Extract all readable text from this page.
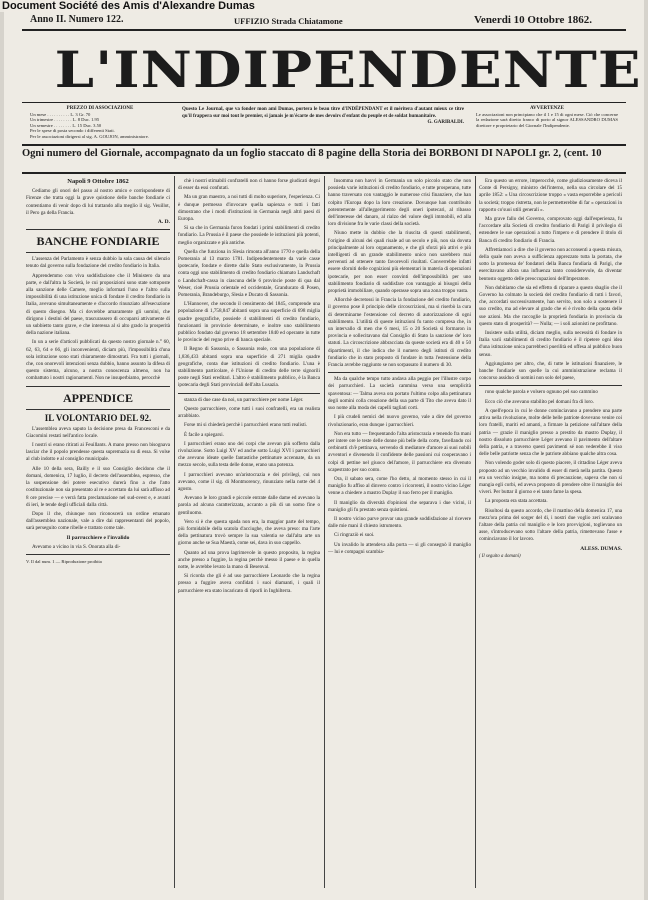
Document Société des Amis d'Alexandre Dumas
Anno II. Numero 122.	UFFIZIO Strada Chiatamone	Venerdi 10 Ottobre 1862.
L'INDIPENDENTE
PREZZO DI ASSOCIAZIONE
Un mese . . . . . . . . . . L. 3 Gr. 70
Un trimestre . . . . . . . . L. 8 Duc. 1.95
Un semestre . . . . . . . . L. 15 Duc. 3.50
Per le spese di posta secondo i differenti Stati.
Per le associazioni dirigersi al sig. A. GOUJON, amministratore.
Questo Le Journal, que va fonder mon ami Dumas, portera le beau titre d'INDÉPENDANT et il méritera d'autant mieux ce titre qu'il frappera sur moi tout le premier, si jamais je m'écarte de mes devoirs d'enfant du peuple et de soldat humanitaire.
G. GARIBALDI.
AVVERTENZE
Le associazioni non principiano che il 1 e 15 di ogni mese. Ciò che concerne la redazione sarà diretto franco di porto al signor ALESSANDRO DUMAS direttore e proprietario del Giornale l'Indipendente.
Ogni numero del Giornale, accompagnato da un foglio staccato di 8 pagine della Storia dei BORBONI DI NAPOLI gr. 2, (cent. 10
Napoli 9 Ottobre 1862

Cediamo gli onori del passo al nostro amico e corrispondente di Firenze che tratta oggi la grave quistione delle banche fondiarie ci contentiamo di venir dopo di lui trattando alla meglio il sig. Veuillot, il Pero ga della Francia.

A. D.
BANCHE FONDIARIE

L'assenza del Parlamento è senza dubbio la sola causa del silenzio tenuto dal governo sulla fondazione del credito fondiario in Italia.

Apprendemmo con viva soddisfazione che il Ministero da una parte, e dall'altra la Società, le cui proposizioni sono state sottoposte alla sanzione delle Camere, meglio informati l'uno e l'altro sulla impossibilità di una istituzione unica di fondare il credito fondiario in Italia, avevano simultaneamente e d'accordo rinunziato all'esecuzione di questo disegno. Ma ci dovrebbe amaramente gli uomini, che dirigono i destini del paese, trascurassero di occuparsi attivamente di un subbietto tanto grave, e che interessa al sì alto grado la prosperità della nazione italiana.

In un a serie d'articoli pubblicati da questo nostro giornale n.° 60, 62, 63, 64 e 66, gli inconvenienti, diciam più, l'impossibilità d'una sola istituzione sono stati chiaramente dimostrati. Fra tutti i giornali, che, con onorevoli intenzioni senza dubbio, hanno assunto la difesa di questo sistema, alcuno, a nostra conoscenza almeno, non ha combattuto i nostri ragionamenti. Non ne insuperbiamo, perocchè

APPENDICE
IL VOLONTARIO DEL 92.

L'assemblea aveva saputo la decisione presa da Francesconi e da Giacomini restati nell'antico locale.

I nostri si erano ritirati ai Feuillants. A mano presso non bisognava lasciar che il popolo prendesse questa supremazia su di essa. Si volse al club indotto e al consiglio municipale.

Alle 10 della sera, Bailly e il suo Consiglio decidono che il domani, domenica, 17 luglio, il decreto dell'assemblea, espresso, che la sospensione dei potere esecutivo durerà fino a che l'atto costituzionale non sia presentato al re e accettato da lui sarà affisso ad 8 ore precise — e verrà fatta preclamazione nel sud-ovest e, e avanti di ieri, le tende degli ufficiali dalla città.

Dopo il che, chiunque non riconoscerà un ordine emanato dall'assemblea nazionale, vale a dire dai rappresentanti del popolo, sarà perseguito come ribelle e trattato come tale.

Il parrucchiere e l'invalido

Avevamo a vicino in via S. Onorata alla di-

V. Il dal num. 1 — Riproduzione proibita

chè i nostri stimabili confratelli non ci hanno forse giudicati degni di esser da essi confutati.

Ma un gran maestro, a noi tutti di molto superiore, l'esperienza. Ci è dunque permesso d'invocare quella sapienza e tutti i fatti dimostrano che i modi d'istituzioni in Germania negli altri paesi di Europa.

Si sa che in Germania furon fondati i primi stabilimenti di credito fondiario. La Prussia è il paese che possiede le istituzioni più potenti, meglio organizzate e più antiche.

Quella che funziona in Slesia rimonta all'anno 1770 e quella della Pomerania al 13 marzo 1781. Indipendentemente da varie casse ipotecarie, fondate e dirette dallo Stato esclusivamente, la Prussia conta oggi uno stabilimento di credito fondiario chiamato Landschaft o Landschaft-cassa in ciascuna delle 6 provincie poste di qua dal Weser, cioè Prussia orientale ed occidentale, Granducato di Posen, Pomerania, Brandeburgo, Slesia e Ducato di Sassonia.

L'Hannover, che secondo il censimento del 1845, comprende una popolazione di 1,758,847 abitanti sopra una superficie di 698 miglia quadre geografiche, possiede 4 stabilimenti di credito fondiario, funzionanti in provincie determinate, e inoltre uno stabilimento pubblico fondato dal governo 18 settembre 1840 ed operante in tutte le provincie del regno prive di banca speciale.

Il Regno di Sassonia, o Sassonia reale, con una popolazione di 1,836,433 abitanti sopra una superficie di 271 miglia quadre geografiche, conta due istituzioni di credito fondiario. L'una è stabilimento particolare, è l'Unione di credito delle terre signorili poste negli Stati ereditari. L'altro è stabilimento pubblico, è la Banca ipotecaria degli Stati provinciali dell'alta Lusazia.

stanza di due case da noi, un parrucchiere per nome Léger.

Questo parrucchiere, come tutti i suoi confratelli, era un realista arrabbiato.

Forse mi si chiederà perchè i parrucchieri erano tutti realisti.

È facile a spiegarsi.

I parrucchieri erano uno dei corpi che avevan più sofferto dalla rivoluzione. Sotto Luigi XV ed anche sotto Luigi XVI i parrucchieri che avevano ideate quelle fantastiche pettinature accennate, da un mezzo secolo, sulla testa delle donne, erano una potenza.

I parrucchieri avevano un'aristocrazia e dei privilegi, cui non avevano, come il sig. di Montmorency, rinunziato nella notte del 4 agosto.

Avevano le loro grandi e piccole entrate dalle dame ed avevano la parola ad alcuna caratterizzata, accanto a più di un uomo fine o gentiluomo.

Vero si è che questa spada non era, la maggior parte del tempo, più formidabile della scatola d'acciughe, che aveva preso: ma l'arte della pettinatura trovò sempre la sua valentia se dall'alta arte un giorno anche se Sua Maestà, come sei, dava in suo cappello.

Quanto ad una prova lagrimevole in questo proposito, la regina anche presso a fuggire, la regina perchè messo il paese e in quella notte, le avrebbe levato la mano di Besenval.

Si ricorda che gli è ad uso parrucchiere Leonardo che la regina presso a fuggire aveva confidati i suoi diamanti, i quali il parrucchiere era stato incaricato di riporli in Inghilterra.

Insomma non havvi in Germania un solo piccolo stato che non possieda varie istituzioni di credito fondiario, e tutte prosperano, tutte hanno traversato con vantaggio le numerose crisi finanziere, che han colpito l'Europa dopo la loro creazione. Dovunque han contribuito potentemente all'alleggerimento degli oneri ipotecari, al ribasso dell'interesse del danaro, al rialzo del valore degli immobili, ed alla loro divisione fra le varie classi della società.

Niuno mette in dubbio che la riuscita di questi stabilimenti, l'origine di alcuni dei quali risale ad un secolo e più, non sia dovuta principalmente al loro organamento, e che gli sforzi più attivi e più intelligenti di un grande stabilimento unico non sarebbero mai pervenuti ad ottenere tanto favorevoli risultati. Converrebbe infatti essere sforniti delle cognizioni più elementari in materia di operazioni ipotecarie, per non esser convinti dell'impossibilità per uno stabilimento fondiario di soddisfare con vantaggio ai bisogni della proprietà immobiliare, quando operasse sopra una zona troppo vasta.

Allorchè decretossi in Francia la fondazione del credito fondiario, il governo pose il principio delle circoscrizioni, ma si riserbò la cura di determinarne l'estensione col decreto di autorizzazione di ogni stabilimento. L'utilità di queste istituzioni fu tanto compresa che, in un intervallo di men che 6 mesi, 15 o 20 Società si formaron in provincia e sollecitavano dal Consiglio di Stato la sanzione de' loro statuti. La circoscrizione abbracciata da queste società era di 40 o 50 dipartimenti, il che indica che il numero degli istituti di credito fondiario che in stato proposto di fondare in tutta l'estensione della Francia avrebbe raggiunto se non sorpassato il numero di 30.

Ma da qualche tempo tutto andava alla peggio per l'illustre corpo dei parrucchieri. La società cammina verso una semplicità spaventosa: — Talma aveva ora portato l'ultimo colpo alla pettinatura degli uomini colla creazione della sua parte di Tito che aveva dato il suo nome alla moda dei capelli tagliati corti.

I più crudeli nemici del nuovo governo, vale a dire del governo rivoluzionario, eran dunque i parrucchieri.

Non era tutto — frequentando l'alta aristocrazia e tenendo fra mani per intere ore le teste delle donne più belle della corte, favellando coi cerbinotti ch'è pettinava, servendo di mediatore d'amore ai suoi nobili avventori e divenendo il confidente delle passioni cui cooperavano i colpi di pettine nel giuoco dell'amore, il parrucchiere era divenuto scapestrato per suo conto.

Ora, il sabato sera, come l'ho detto, al momento stesso in cui il maniglio fu affiso al dinvero contro i ricorrenti, il nostro vicino Léger venne a chiedere a mastro Duplay il suo ferro per il maniglio.

Il maniglio da diversità d'opinioni che separava i due vicini, il maniglio gli fu prestato senza quistioni.

Il nostro vicino parve provar una grande soddisfazione al ricevere dalle mie mani il chiesto istrumento.

Ci ringraziò ei suoi.

Un invalido lo attendeva alla porta — si gli consegnò il maniglio — lui e compagni scambia-

Era questo un errore, imperocchè, come giudiziosamente diceva il Conte di Persigny, ministro dell'interno, nella sua circolare del 15 aprile 1852: « Una circoscrizione troppo « vasta esporrebbe a pericoli la società; troppo ristretta, non le permetterebbe di far « operazioni in rapporto co'suoi utili generali ».

Ma grave fallo del Governo, comprovato oggi dall'esperienza, fu l'accordare alla Società di credito fondiario di Parigi il privilegio di estendere le sue operazioni a tutto l'impero e di prendere il titolo di Banca di credito fondiario di Francia.

Affrettiamoci a dire che il governo non acconsentì a questa misura, della quale non aveva a sufficienza apprezzato tutta la portata, che sotto la promessa de' fondatori della Banca fondiaria di Parigi, che esercitavano allora una influenza tanto considerevole, da diventar bentosto oggetto delle preoccupazioni dell'Imperatore.

Non dubitiamo che sia ed effetto di riparare a questo sbaglio che il Governo ha colmato la società del credito fondiario di tutti i favori, che, accordati successivamente, han servito, non solo a sostenere il suo credito, ma ad elevare al grado che ei è rivolto della quota delle sue azioni. Ma che raccoglie la proprietà fondiaria in provincia da questo stato di prosperità? — Nulla; — i soli azionisti ne profittano.

Insistere sulla utilità, diciam meglio, sulla necessità di fondare in Italia varii stabilimenti di credito fondiario è il ripetere ogni idea d'una istituzione unica parrebbeci puerilità ed offesa al pubblico buon senso.

Aggiungiamo per altro, che, di tutte le istituzioni finanziere, le banche fondiarie son quelle la cui amministrazione reclama il concorso assiduo di uomini non solo del paese,

rono qualche parola e volsero ognuno pel suo cammino

Ecco ciò che avevano stabilito pel domani fra di loro.

A quell'epoca in cui le donne cominciavano a prendere una parte attiva nella rivoluzione, molte delle belle patriote dovevano venire coi loro fratelli, mariti ed amanti, a firmare la petizione sull'altare della patria — grazie il maniglio presso a prestito da mastro Duplay, il nostro dissoluto parrucchiere Léger avevano il pavimento dell'altare della patria, e a traverso questi pavimenti sé non vederebbe il viso delle belle patriotte senza che le patriote abbiano qualche altra cosa.

Non volendo goder solo di questo piacere, il cittadino Léger aveva proposto ad un vecchio invalido di esser di metà nella partita. Questo era un vecchio insigne, ma nomo di precauzione, sapeva che non si mangia egli corbi, ed aveva proposto di prendere oltre il maniglio dei viveri. Per buttar il giorno e ei tanto farne la spesa.

La proposta era stata accettata.

Risoltosi da questo accordo, che il mattino della domenica 17, una mezz'ora prima del sorger del di, i nostri due voglio zeri scalavano l'altare della patria col maniglio e le loro provvigioni, toglievano un asse, s'introducevano sotto l'altare della patria, rimettevano l'asse e cominciavano il lor lavoro.

ALESS. DUMAS.
( Il seguito a domani)
